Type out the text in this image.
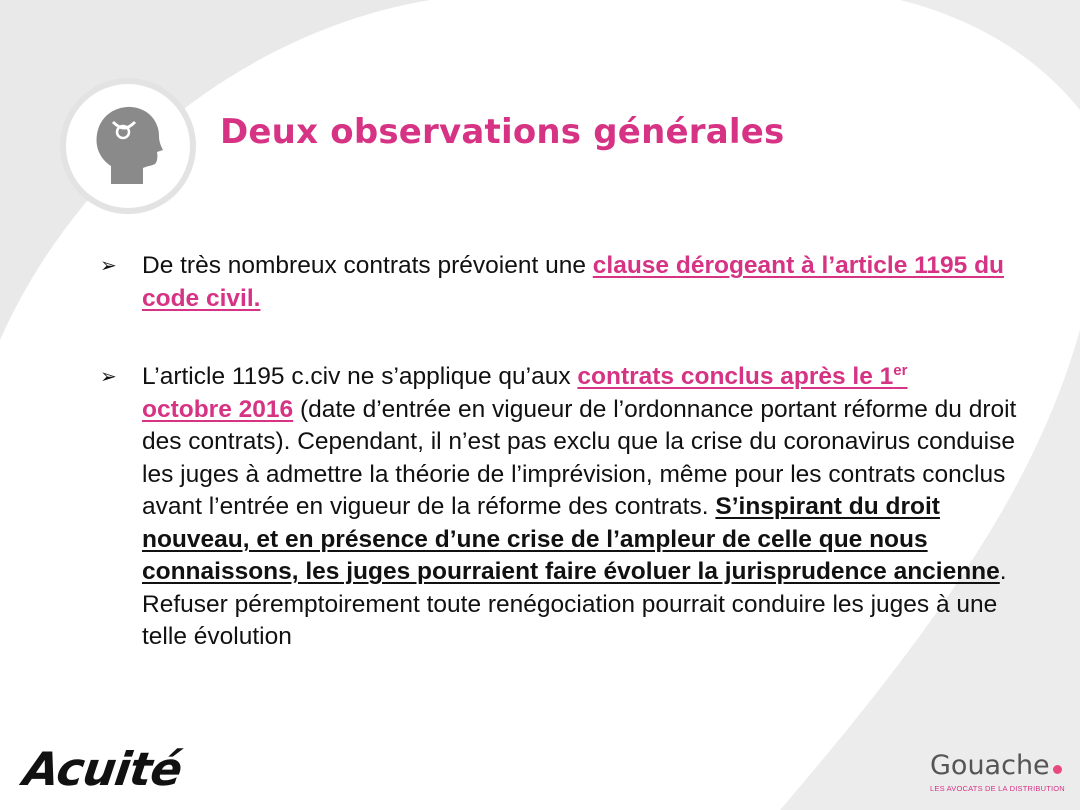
Deux observations générales
➢ De très nombreux contrats prévoient une clause dérogeant à l’article 1195 du code civil.
➢ L’article 1195 c.civ ne s’applique qu’aux contrats conclus après le 1er
octobre 2016 (date d’entrée en vigueur de l’ordonnance portant réforme du droit des contrats). Cependant, il n’est pas exclu que la crise du coronavirus conduise les juges à admettre la théorie de l’imprévision, même pour les contrats conclus avant l’entrée en vigueur de la réforme des contrats. S’inspirant du droit nouveau, et en présence d’une crise de l’ampleur de celle que nous connaissons, les juges pourraient faire évoluer la jurisprudence ancienne. Refuser péremptoirement toute renégociation pourrait conduire les juges à une telle évolution
Acuité	Gouache
LES AVOCATS DE LA DISTRIBUTION
